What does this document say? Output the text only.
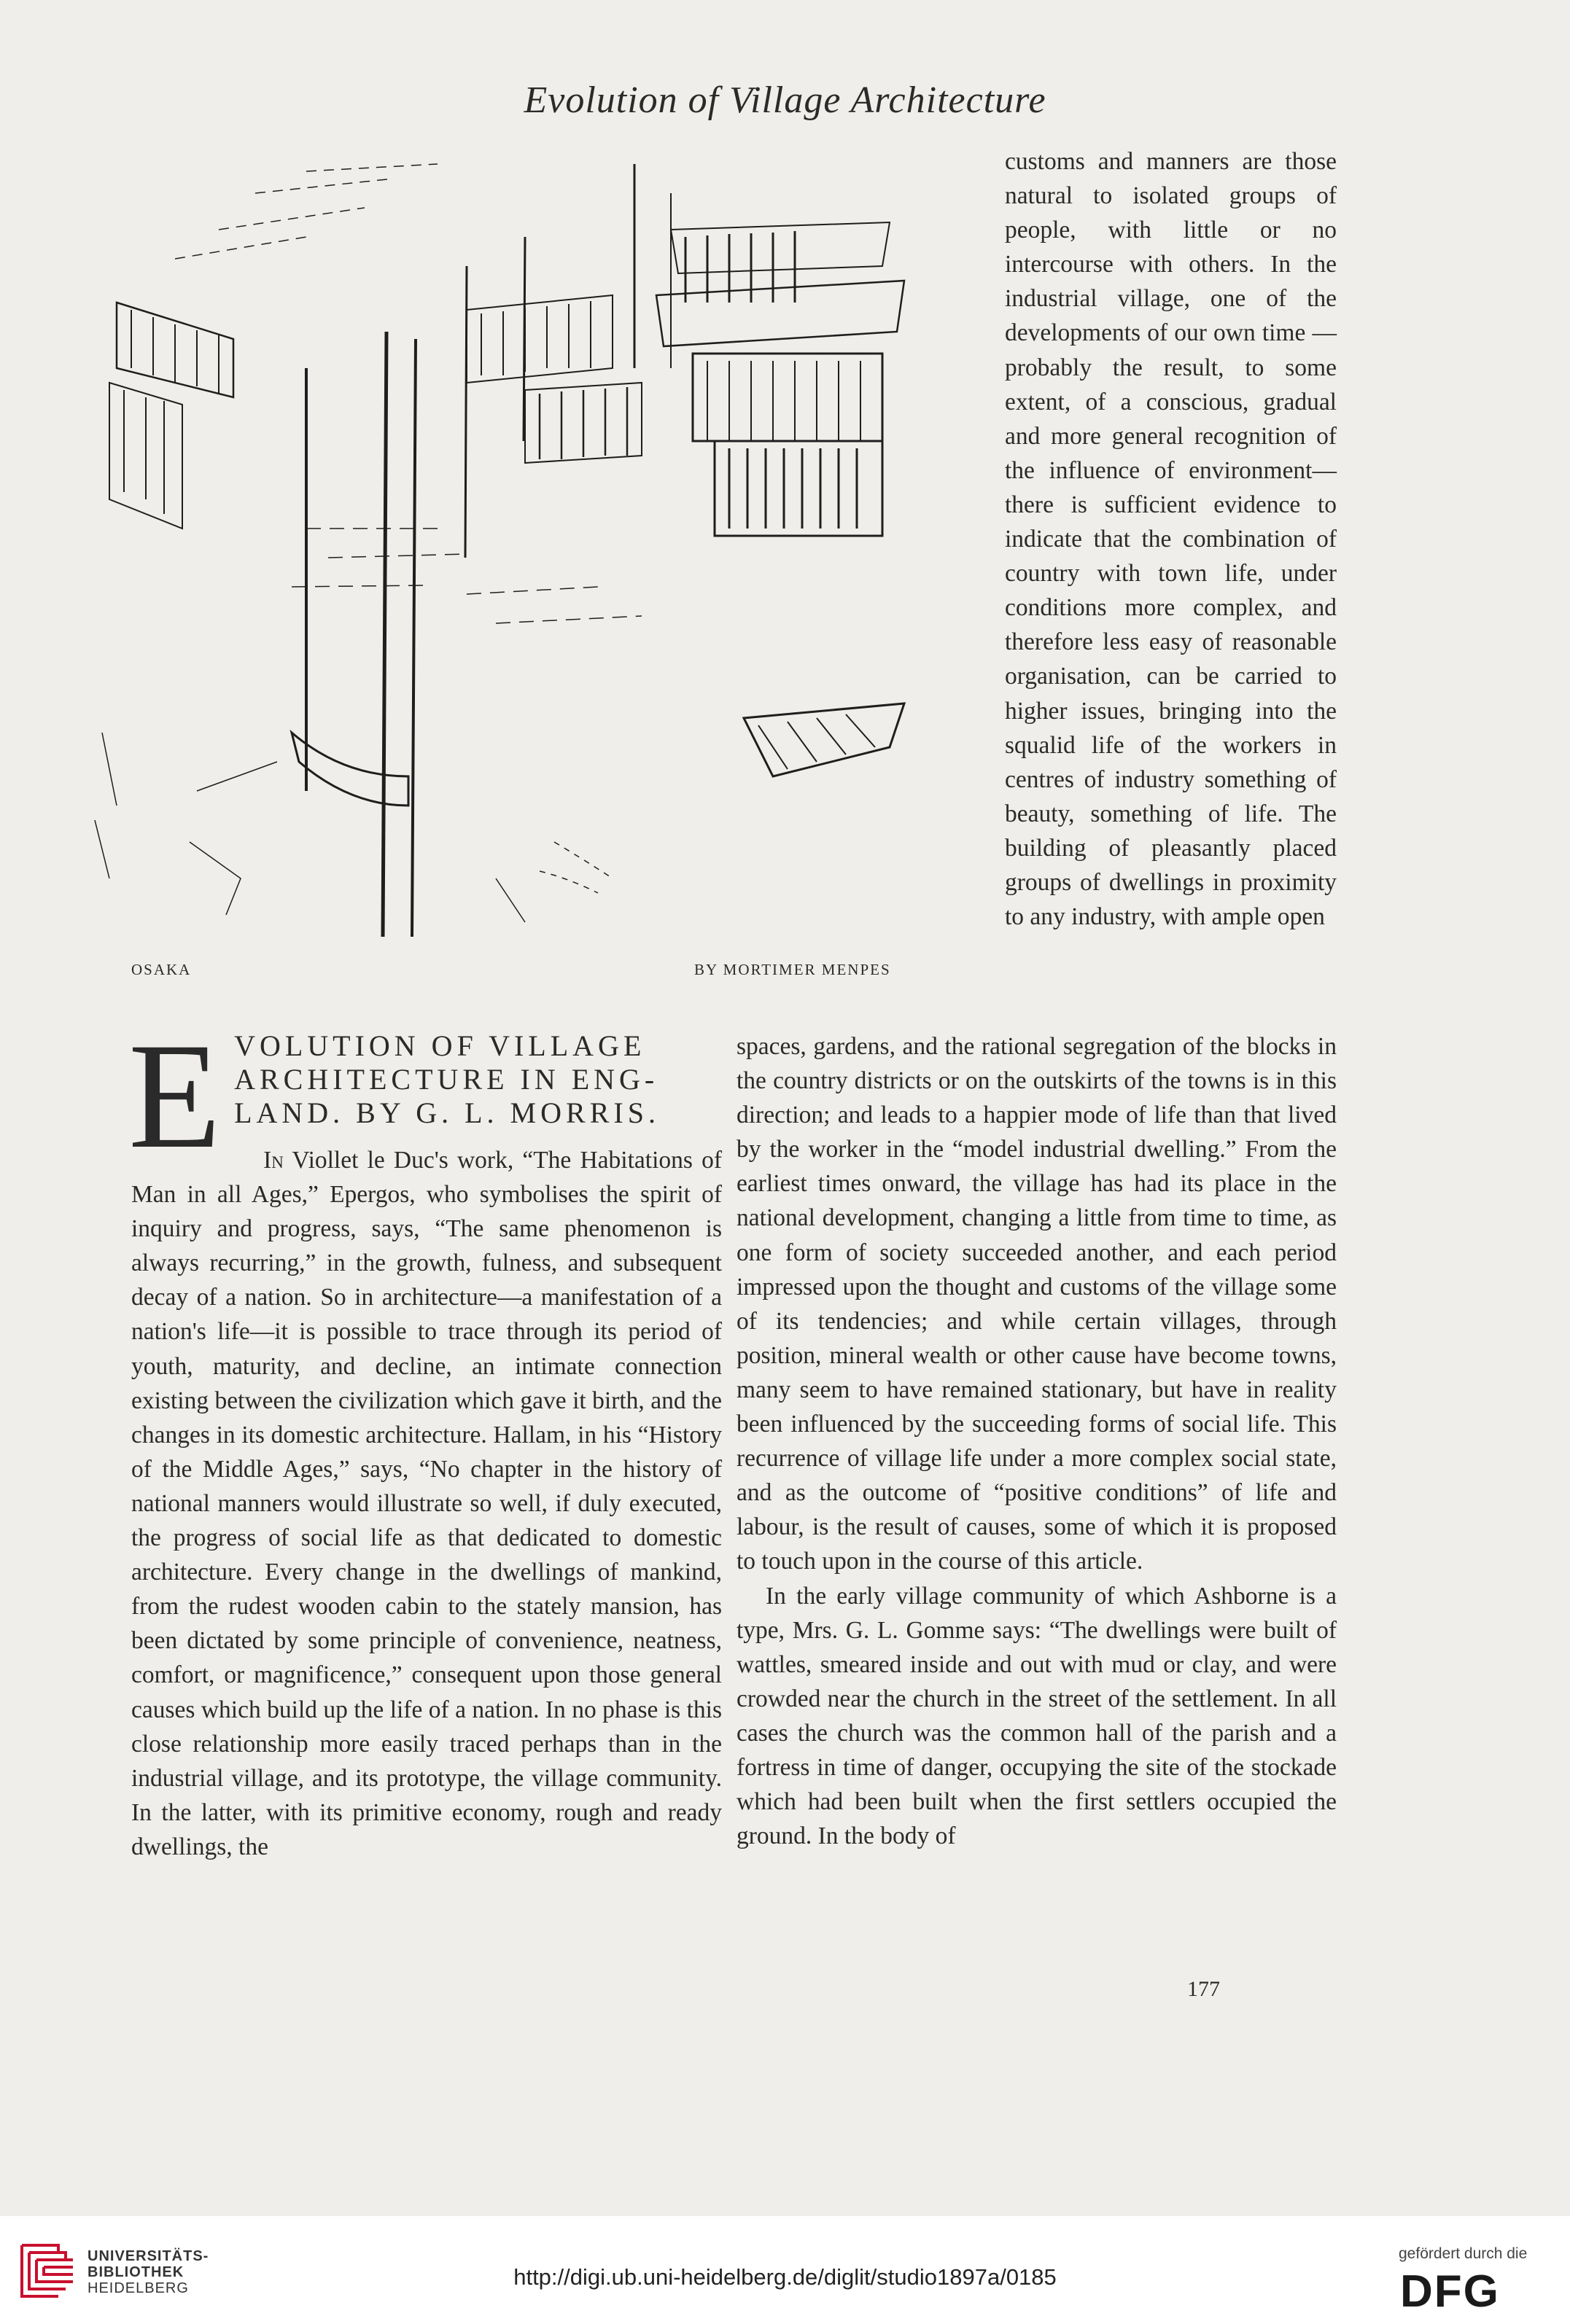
Evolution of Village Architecture
OSAKA	BY MORTIMER MENPES

customs and manners are those natural to isolated groups of people, with little or no intercourse with others. In the industrial village, one of the developments of our own time — probably the result, to some extent, of a conscious, gradual and more general recognition of the influence of environment—there is sufficient evidence to indicate that the combination of country with town life, under conditions more complex, and therefore less easy of reasonable organisation, can be carried to higher issues, bringing into the squalid life of the workers in centres of industry something of beauty, something of life. The building of pleasantly placed groups of dwellings in proximity to any industry, with ample open

E VOLUTION OF VILLAGE
ARCHITECTURE IN ENG-
LAND. BY G. L. MORRIS.

In Viollet le Duc's work, “The Habitations of Man in all Ages,” Epergos, who symbolises the spirit of inquiry and progress, says, “The same phenomenon is always recurring,” in the growth, fulness, and subsequent decay of a nation. So in architecture—a manifestation of a nation's life—it is possible to trace through its period of youth, maturity, and decline, an intimate connection existing between the civilization which gave it birth, and the changes in its domestic architecture. Hallam, in his “History of the Middle Ages,” says, “No chapter in the history of national manners would illustrate so well, if duly executed, the progress of social life as that dedicated to domestic architecture. Every change in the dwellings of mankind, from the rudest wooden cabin to the stately mansion, has been dictated by some principle of convenience, neatness, comfort, or magnificence,” consequent upon those general causes which build up the life of a nation. In no phase is this close relationship more easily traced perhaps than in the industrial village, and its prototype, the village community. In the latter, with its primitive economy, rough and ready dwellings, the

spaces, gardens, and the rational segregation of the blocks in the country districts or on the outskirts of the towns is in this direction; and leads to a happier mode of life than that lived by the worker in the “model industrial dwelling.” From the earliest times onward, the village has had its place in the national development, changing a little from time to time, as one form of society succeeded another, and each period impressed upon the thought and customs of the village some of its tendencies; and while certain villages, through position, mineral wealth or other cause have become towns, many seem to have remained stationary, but have in reality been influenced by the succeeding forms of social life. This recurrence of village life under a more complex social state, and as the outcome of “positive conditions” of life and labour, is the result of causes, some of which it is proposed to touch upon in the course of this article.

In the early village community of which Ashborne is a type, Mrs. G. L. Gomme says: “The dwellings were built of wattles, smeared inside and out with mud or clay, and were crowded near the church in the street of the settlement. In all cases the church was the common hall of the parish and a fortress in time of danger, occupying the site of the stockade which had been built when the first settlers occupied the ground. In the body of

177
UNIVERSITÄTS-
BIBLIOTHEK
HEIDELBERG	http://digi.ub.uni-heidelberg.de/diglit/studio1897a/0185
gefördert durch die
DFG
